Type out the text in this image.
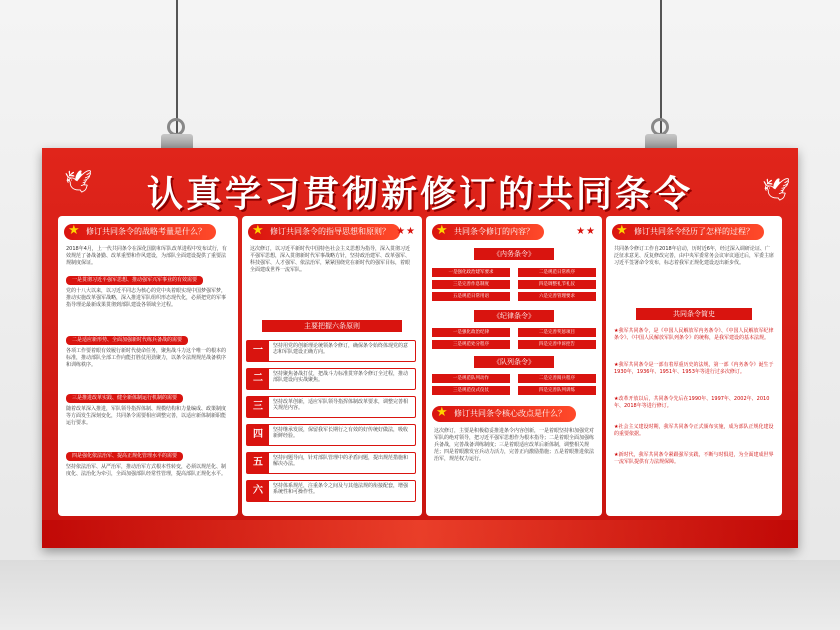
🕊	🕊
认真学习贯彻新修订的共同条令
★ 修订共同条令的战略考量是什么？
2018年4月，上一代共同条令在深化国防和军队改革进程中发布试行，有效规范了备战备勤、改革重塑和作风建设，为部队全面建设提供了重要法规制度保证。
一是贯彻习近平强军思想、推动强军兴军事业的有效需要
党的十八大以来，以习近平同志为核心的党中央着眼实现中国梦强军梦，推动实施改革强军战略，深入推进军队组织形态现代化，必须把党的军事指导理论最新成果贯彻到部队建设各领域全过程。
二是适应新形势、全面加强新时代练兵备战的需要
各项工作要着眼有效履行新时代使命任务，聚焦战斗力这个唯一的根本的标准，推动部队全部工作向能打胜仗用劲聚力，以条令法规规范战备秩序和训练秩序。
三是推进改革实践、健全新体制运行机制的需要
随着改革深入推进，军队领导指挥体制、规模结构和力量编成、政策制度等方面发生深刻变化，共同条令需要相应调整完善，以适应新体制新职能运行要求。
四是强化依法治军、提高正规化管理水平的需要
坚持依法治军、从严治军，推动治军方式根本性转变，必须以规范化、制度化、法治化为牵引，全面加强部队经常性管理，提高部队正规化水平。
★ 修订共同条令的指导思想和原则？ ★★
这次修订，以习近平新时代中国特色社会主义思想为指导，深入贯彻习近平强军思想，深入贯彻新时代军事战略方针，坚持政治建军、改革强军、科技强军、人才强军、依法治军，紧紧围绕党在新时代的强军目标，着眼全面建成世界一流军队。
主要把握六条原则
一	坚持用党的创新理论统领条令修订，确保条令始终体现党的意志和军队建设正确方向。
二	坚持聚焦备战打仗，把战斗力标准贯穿条令修订全过程，推动部队建设向实战聚焦。
三	坚持改革创新，适应军队领导指挥体制改革要求，调整完善相关规范内容。
四	坚持继承发展，保留我军长期行之有效的好传统好做法，吸收新鲜经验。
五	坚持问题导向，针对部队管理中的矛盾问题，提出规范措施和解决办法。
六	坚持体系规范，注重条令之间及与其他法规的衔接配套，增强系统性和可操作性。
★ 共同条令修订的内容？	★★
《内务条令》
一是强化政治建军要求	二是规范日常秩序
三是完善作息制度	四是调整礼节礼仪
五是规范日常用语	六是完善管理要求
《纪律条令》
一是强化政治纪律	二是完善奖惩项目
三是规范处分程序	四是完善申诉控告
《队列条令》
一是规范队列动作	二是完善阅兵程序
三是规范仪式仪仗	四是完善队列训练
★ 修订共同条令核心改点是什么？
这次修订，主要是积极稳妥推进条令内容创新，一是着眼坚持和加强党对军队的绝对领导，把习近平强军思想作为根本指导；二是着眼全面加强练兵备战，完善战备训练制度；三是着眼适应改革后新体制，调整相关规范；四是着眼激发官兵动力活力，完善正向激励措施；五是着眼推进依法治军，规范权力运行。
★ 修订共同条令经历了怎样的过程？
共同条令修订工作自2018年启动，历时近6年，经过深入调研论证、广泛征求意见、反复修改完善，由中央军委常务会议审议通过后，军委主席习近平签署命令发布，标志着我军正规化建设迈出新步伐。
共同条令简史
★我军共同条令，是《中国人民解放军内务条令》、《中国人民解放军纪律条令》、《中国人民解放军队列条令》的统称，是我军建设的基本法规。
★我军共同条令是一部有着厚重历史的法规，第一部《内务条令》诞生于1930年，1936年、1951年、1953年等进行过多次修订。
★改革开放以后，共同条令先后在1990年、1997年、2002年、2010年、2018年等进行修订。
★社会主义建设时期，我军共同条令正式颁布实施，成为部队正规化建设的重要依据。
★新时代，我军共同条令紧跟强军实践，不断与时俱进，为全面建成世界一流军队提供有力法规保障。
